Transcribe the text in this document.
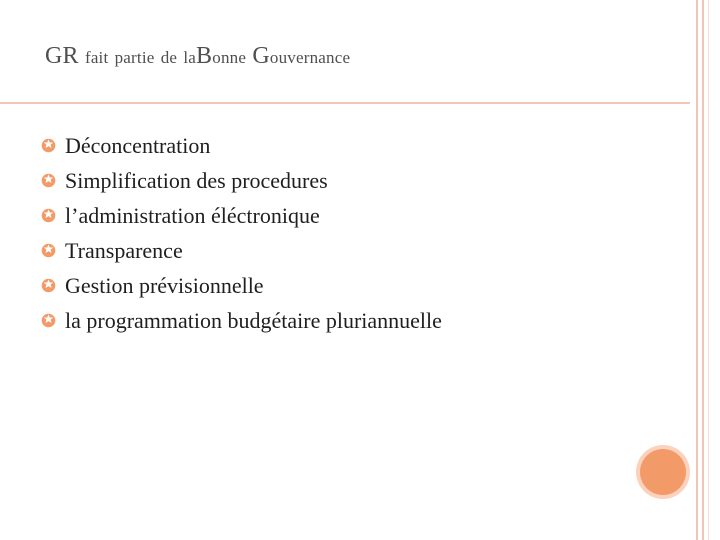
GR fait partie de laBonne Gouvernance
Déconcentration
Simplification des procedures
l’administration éléctronique
Transparence
Gestion prévisionnelle
la programmation budgétaire pluriannuelle
